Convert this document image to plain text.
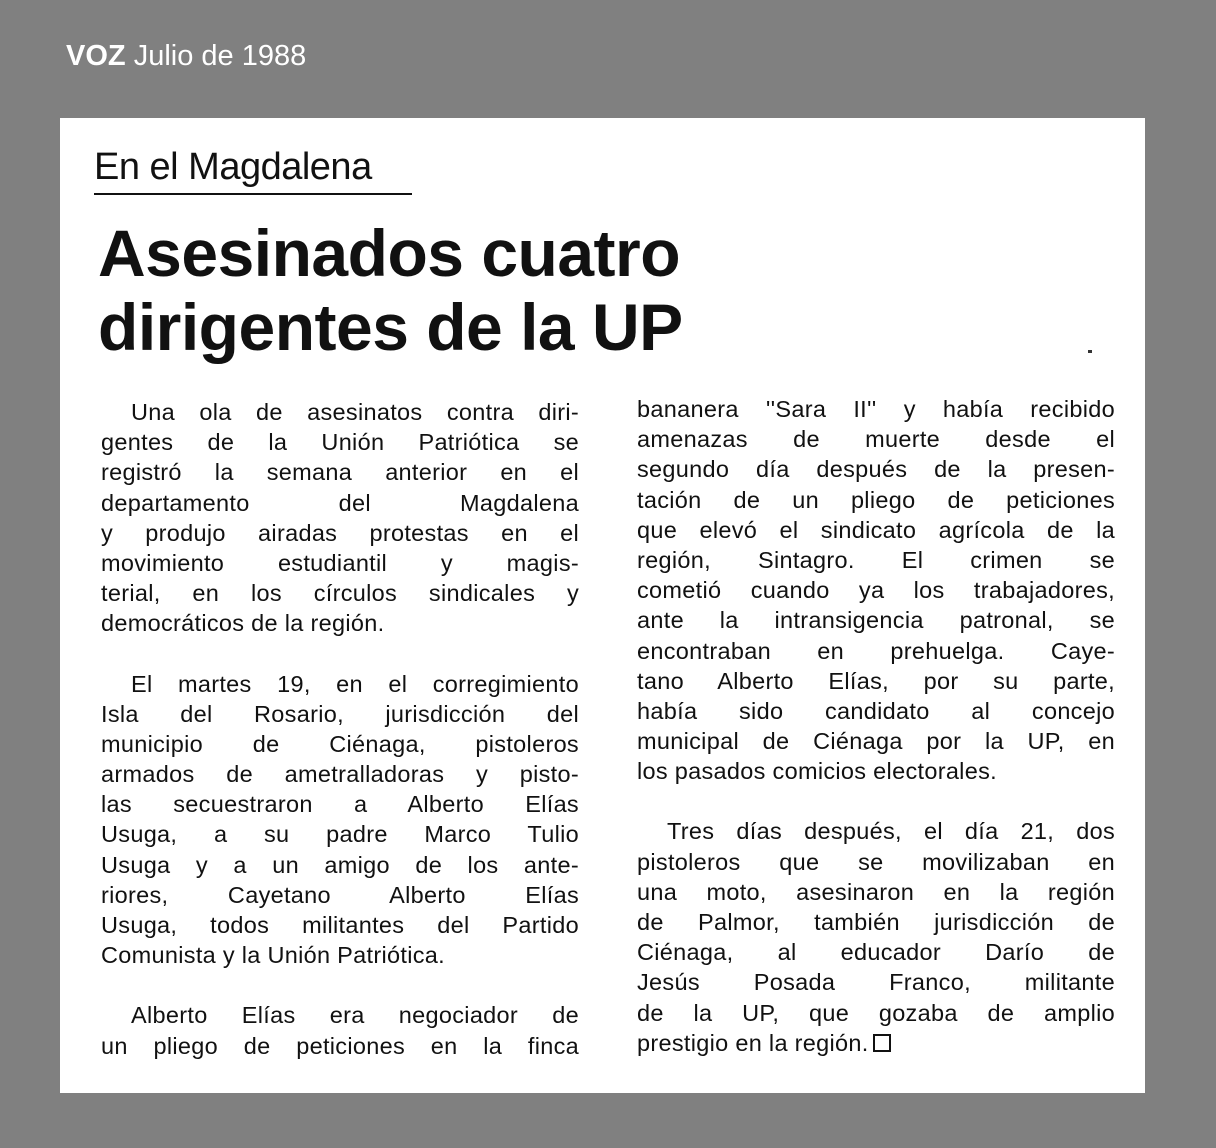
VOZ Julio de 1988
En el Magdalena
Asesinados cuatro
dirigentes de la UP

Una ola de asesinatos contra diri-
gentes de la Unión Patriótica se
registró la semana anterior en el
departamento del Magdalena
y produjo airadas protestas en el
movimiento estudiantil y magis-
terial, en los círculos sindicales y
democráticos de la región.

El martes 19, en el corregimiento
Isla del Rosario, jurisdicción del
municipio de Ciénaga, pistoleros
armados de ametralladoras y pisto-
las secuestraron a Alberto Elías
Usuga, a su padre Marco Tulio
Usuga y a un amigo de los ante-
riores, Cayetano Alberto Elías
Usuga, todos militantes del Partido
Comunista y la Unión Patriótica.

Alberto Elías era negociador de
un pliego de peticiones en la finca

bananera ''Sara II'' y había recibido
amenazas de muerte desde el
segundo día después de la presen-
tación de un pliego de peticiones
que elevó el sindicato agrícola de la
región, Sintagro. El crimen se
cometió cuando ya los trabajadores,
ante la intransigencia patronal, se
encontraban en prehuelga. Caye-
tano Alberto Elías, por su parte,
había sido candidato al concejo
municipal de Ciénaga por la UP, en
los pasados comicios electorales.

Tres días después, el día 21, dos
pistoleros que se movilizaban en
una moto, asesinaron en la región
de Palmor, también jurisdicción de
Ciénaga, al educador Darío de
Jesús Posada Franco, militante
de la UP, que gozaba de amplio
prestigio en la región.
